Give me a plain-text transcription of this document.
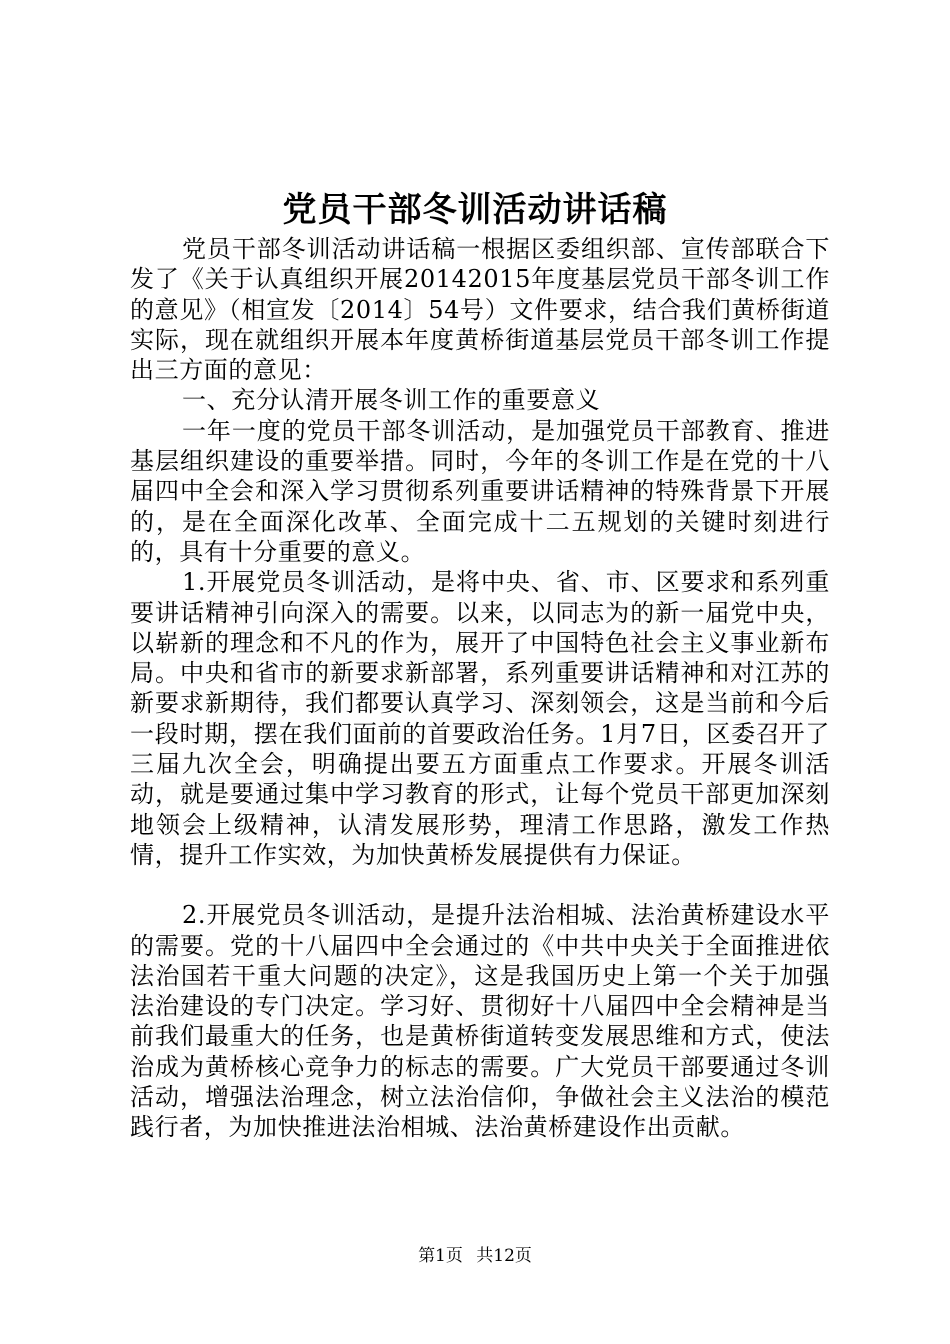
党员干部冬训活动讲话稿

党员干部冬训活动讲话稿一根据区委组织部、宣传部联合下发了《关于认真组织开展20142015年度基层党员干部冬训工作的意见》（相宣发〔2014〕54号）文件要求，结合我们黄桥街道实际，现在就组织开展本年度黄桥街道基层党员干部冬训工作提出三方面的意见：

一、充分认清开展冬训工作的重要意义

一年一度的党员干部冬训活动，是加强党员干部教育、推进基层组织建设的重要举措。同时，今年的冬训工作是在党的十八届四中全会和深入学习贯彻系列重要讲话精神的特殊背景下开展的，是在全面深化改革、全面完成十二五规划的关键时刻进行的，具有十分重要的意义。

1.开展党员冬训活动，是将中央、省、市、区要求和系列重要讲话精神引向深入的需要。以来，以同志为的新一届党中央，以崭新的理念和不凡的作为，展开了中国特色社会主义事业新布局。中央和省市的新要求新部署，系列重要讲话精神和对江苏的新要求新期待，我们都要认真学习、深刻领会，这是当前和今后一段时期，摆在我们面前的首要政治任务。1月7日，区委召开了三届九次全会，明确提出要五方面重点工作要求。开展冬训活动，就是要通过集中学习教育的形式，让每个党员干部更加深刻地领会上级精神，认清发展形势，理清工作思路，激发工作热情，提升工作实效，为加快黄桥发展提供有力保证。

2.开展党员冬训活动，是提升法治相城、法治黄桥建设水平的需要。党的十八届四中全会通过的《中共中央关于全面推进依法治国若干重大问题的决定》，这是我国历史上第一个关于加强法治建设的专门决定。学习好、贯彻好十八届四中全会精神是当前我们最重大的任务，也是黄桥街道转变发展思维和方式，使法治成为黄桥核心竞争力的标志的需要。广大党员干部要通过冬训活动，增强法治理念，树立法治信仰，争做社会主义法治的模范践行者，为加快推进法治相城、法治黄桥建设作出贡献。

第1页 共12页
